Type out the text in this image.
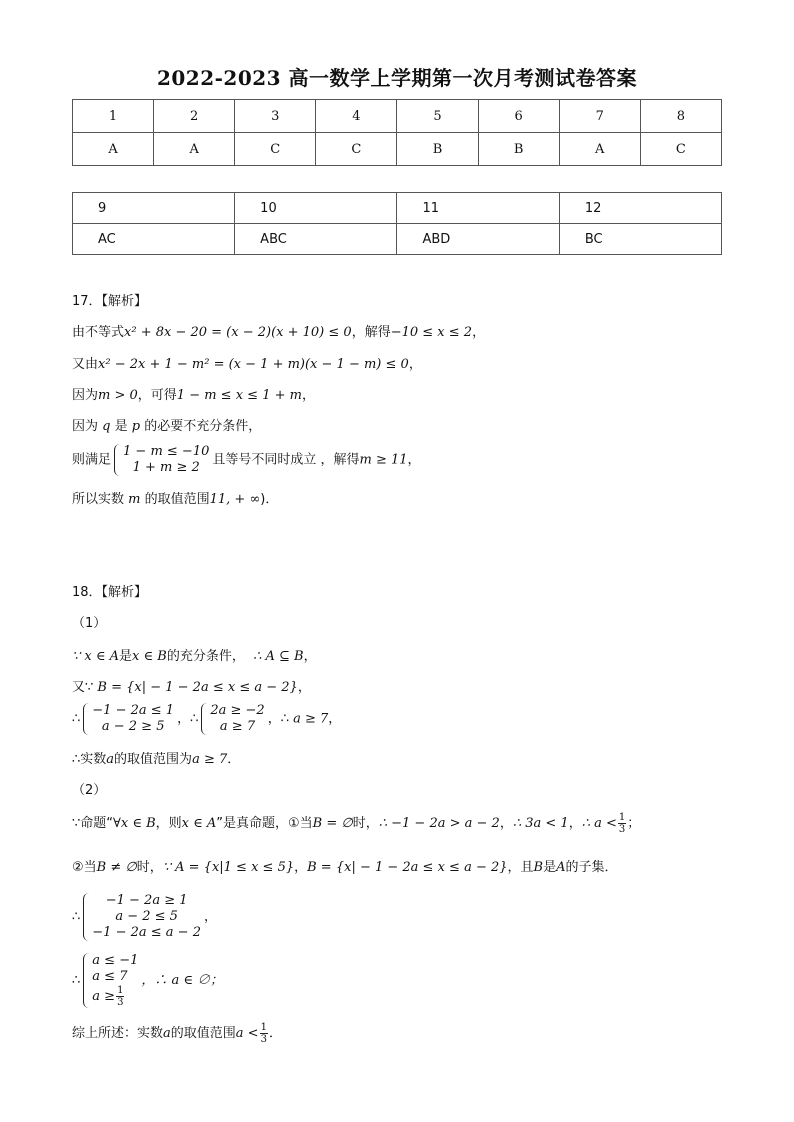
2022-2023 高一数学上学期第一次月考测试卷答案
1	2	3	4	5	6	7	8
A	A	C	C	B	B	A	C
9	10	11	12
AC	ABC	ABD	BC
17．【解析】
由不等式x² + 8x − 20 = (x − 2)(x + 10) ≤ 0，解得−10 ≤ x ≤ 2，
又由x² − 2x + 1 − m² = (x − 1 + m)(x − 1 − m) ≤ 0，
因为m > 0，可得1 − m ≤ x ≤ 1 + m，
因为 q 是 p 的必要不充分条件，
则满足
1 − m ≤ −10
1 + m ≥ 2 且等号不同时成立 ，解得m ≥ 11，
所以实数 m 的取值范围11, + ∞)．
18．【解析】
（1）
∵ x ∈ A是x ∈ B的充分条件， ∴ A ⊆ B，
又∵ B = {x| − 1 − 2a ≤ x ≤ a − 2}，
∴
−1 − 2a ≤ 1
a − 2 ≥ 5 ，∴
2a ≥ −2
a ≥ 7 ，∴ a ≥ 7，
∴实数a的取值范围为a ≥ 7．
（2）
∵命题“∀x ∈ B，则x ∈ A”是真命题，①当B = ∅时，∴ −1 − 2a > a − 2，∴ 3a < 1，∴ $a < \frac{1}{3}$ ；
②当B ≠ ∅时，∵ A = {x|1 ≤ x ≤ 5}，B = {x| − 1 − 2a ≤ x ≤ a − 2}，且B是A的子集．
∴
−1 − 2a ≥ 1
a − 2 ≤ 5
−1 − 2a ≤ a − 2
，
∴
a ≤ −1
a ≤ 7
$a \ge \frac{1}{3}$
，∴ a ∈ ∅；
综上所述：实数a的取值范围$a < \frac{1}{3}$ ．
